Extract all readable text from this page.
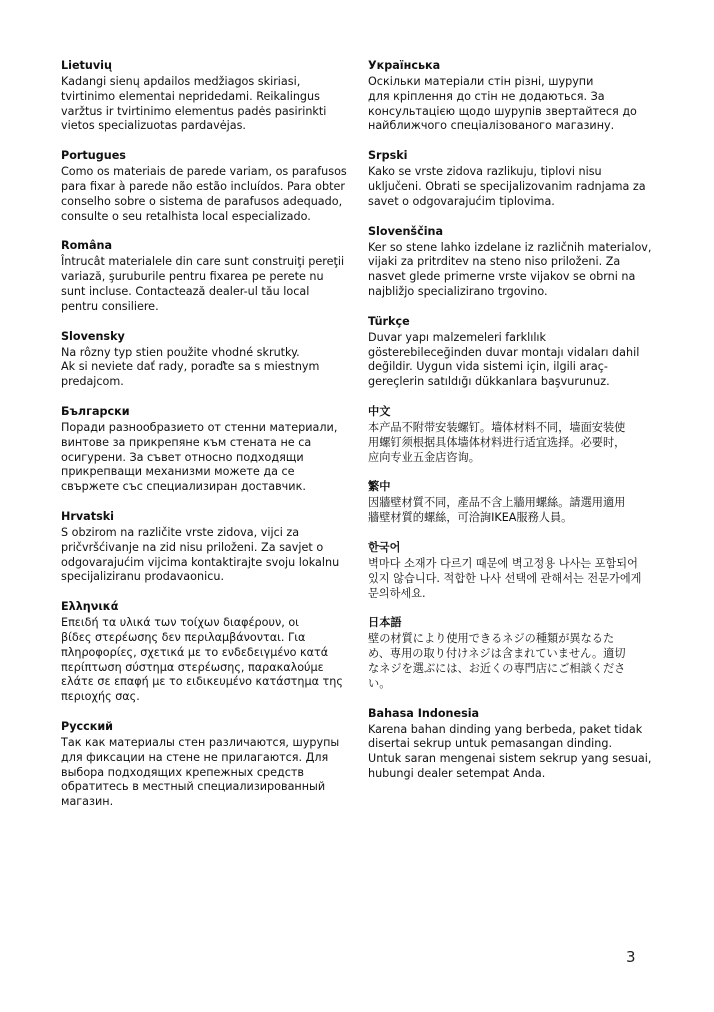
Lietuvių
Kadangi sienų apdailos medžiagos skiriasi,
tvirtinimo elementai nepridedami. Reikalingus
varžtus ir tvirtinimo elementus padės pasirinkti
vietos specializuotas pardavėjas.
Portugues
Como os materiais de parede variam, os parafusos
para fixar à parede não estão incluídos. Para obter
conselho sobre o sistema de parafusos adequado,
consulte o seu retalhista local especializado.
Româna
Întrucât materialele din care sunt construiţi pereţii
variază, şuruburile pentru fixarea pe perete nu
sunt incluse. Contactează dealer-ul tău local
pentru consiliere.
Slovensky
Na rôzny typ stien použite vhodné skrutky.
Ak si neviete dať rady, poraďte sa s miestnym
predajcom.
Български
Поради разнообразието от стенни материали,
винтове за прикрепяне към стената не са
осигурени. За съвет относно подходящи
прикрепващи механизми можете да се
свържете със специализиран доставчик.
Hrvatski
S obzirom na različite vrste zidova, vijci za
pričvršćivanje na zid nisu priloženi. Za savjet o
odgovarajućim vijcima kontaktirajte svoju lokalnu
specijaliziranu prodavaonicu.
Ελληνικά
Επειδή τα υλικά των τοίχων διαφέρουν, οι
βίδες στερέωσης δεν περιλαμβάνονται. Για
πληροφορίες, σχετικά με το ενδεδειγμένο κατά
περίπτωση σύστημα στερέωσης, παρακαλούμε
ελάτε σε επαφή με το ειδικευμένο κατάστημα της
περιοχής σας.
Русский
Так как материалы стен различаются, шурупы
для фиксации на стене не прилагаются. Для
выбора подходящих крепежных средств
обратитесь в местный специализированный
магазин.
Українська
Оскільки матеріали стін різні, шурупи
для кріплення до стін не додаються. За
консультацією щодо шурупів звертайтеся до
найближчого спеціалізованого магазину.
Srpski
Kako se vrste zidova razlikuju, tiplovi nisu
uključeni. Obrati se specijalizovanim radnjama za
savet o odgovarajućim tiplovima.
Slovenščina
Ker so stene lahko izdelane iz različnih materialov,
vijaki za pritrditev na steno niso priloženi. Za
nasvet glede primerne vrste vijakov se obrni na
najbližjo specializirano trgovino.
Türkçe
Duvar yapı malzemeleri farklılık
gösterebileceğinden duvar montajı vidaları dahil
değildir. Uygun vida sistemi için, ilgili araç-
gereçlerin satıldığı dükkanlara başvurunuz.
中文
本产品不附带安装螺钉。墙体材料不同，墙面安装使
用螺钉须根据具体墙体材料进行适宜选择。必要时，
应向专业五金店咨询。
繁中
因牆壁材質不同，產品不含上牆用螺絲。請選用適用
牆壁材質的螺絲，可洽詢IKEA服務人員。
한국어
벽마다 소재가 다르기 때문에 벽고정용 나사는 포함되어
있지 않습니다. 적합한 나사 선택에 관해서는 전문가에게
문의하세요.
日本語
壁の材質により使用できるネジの種類が異なるた
め、専用の取り付けネジは含まれていません。適切
なネジを選ぶには、お近くの専門店にご相談くださ
い。
Bahasa Indonesia
Karena bahan dinding yang berbeda, paket tidak
disertai sekrup untuk pemasangan dinding.
Untuk saran mengenai sistem sekrup yang sesuai,
hubungi dealer setempat Anda.
3
